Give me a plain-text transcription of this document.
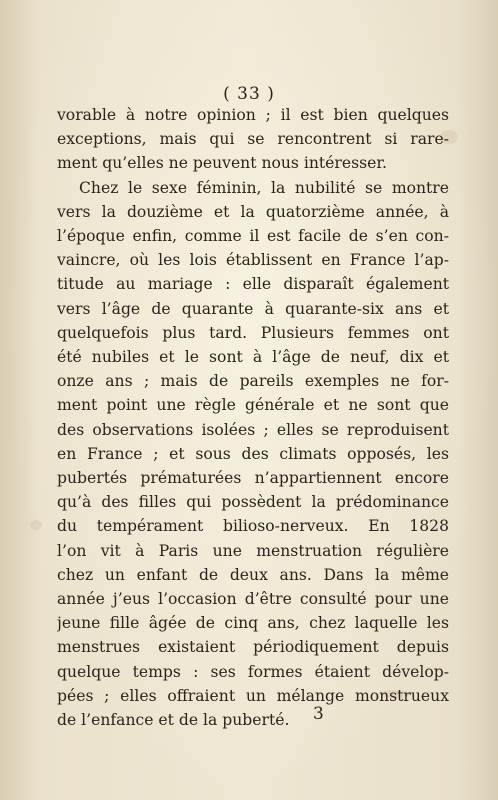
( 33 )
vorable à notre opinion ; il est bien quelques
exceptions, mais qui se rencontrent si rare-
ment qu’elles ne peuvent nous intéresser.
Chez le sexe féminin, la nubilité se montre
vers la douzième et la quatorzième année, à
l’époque enfin, comme il est facile de s’en con-
vaincre, où les lois établissent en France l’ap-
titude au mariage : elle disparaît également
vers l’âge de quarante à quarante-six ans et
quelquefois plus tard. Plusieurs femmes ont
été nubiles et le sont à l’âge de neuf, dix et
onze ans ; mais de pareils exemples ne for-
ment point une règle générale et ne sont que
des observations isolées ; elles se reproduisent
en France ; et sous des climats opposés, les
pubertés prématurées n’appartiennent encore
qu’à des filles qui possèdent la prédominance
du tempérament bilioso-nerveux. En 1828
l’on vit à Paris une menstruation régulière
chez un enfant de deux ans. Dans la même
année j’eus l’occasion d’être consulté pour une
jeune fille âgée de cinq ans, chez laquelle les
menstrues existaient périodiquement depuis
quelque temps : ses formes étaient dévelop-
pées ; elles offraient un mélange monstrueux
de l’enfance et de la puberté.	3
